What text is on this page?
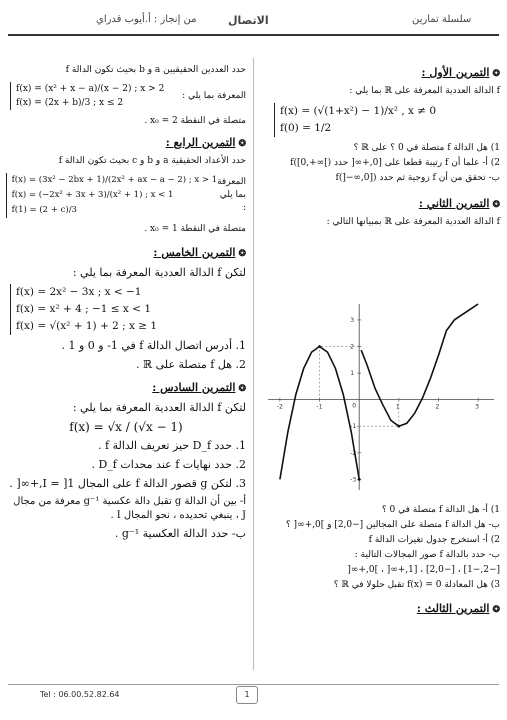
سلسلة تمارين
الاتصال
من إنجاز : أ.أيوب قدراي
❂التمرين الأول :
f الدالة العددية المعرفة على ℝ بما يلي :
f(x) = (√(1+x²) − 1)/x² , x ≠ 0
f(0) = 1/2
1) هل الدالة f متصلة في 0 ؟ على ℝ ؟
2) أ- علما أن f رتيبة قطعا على [0,+∞[ حدد f([0,+∞[)
ب- تحقق من أن f زوجية ثم حدد f(]−∞,0])
❂التمرين الثاني :
f الدالة العددية المعرفة على ℝ بمبيانها التالي :
-2	-1	1	2	3
3
2
1
-1
-2
-3
0
1) أ- هل الدالة f متصلة في 0 ؟
ب- هل الدالة f متصلة على المجالين [−2,0] و ]0,+∞[ ؟
2) أ- استخرج جدول تغيرات الدالة f
ب- حدد بالدالة f صور المجالات التالية :
[−2,−1] ، [−2,0] ، [1,+∞[ ، ]0,+∞[
3) هل المعادلة f(x) = 0 تقبل حلولا في ℝ ؟
❂التمرين الثالث :
حدد العددين الحقيقيين a و b بحيث تكون الدالة f
المعرفة بما يلي :
f(x) = (x² + x − a)/(x − 2) ; x > 2
f(x) = (2x + b)/3 ; x ≤ 2
متصلة في النقطة x₀ = 2 .
❂التمرين الرابع :
حدد الأعداد الحقيقية a و b و c بحيث تكون الدالة f
المعرفة بما يلي :
f(x) = (3x² − 2bx + 1)/(2x² + ax − a − 2) ; x > 1
f(x) = (−2x² + 3x + 3)/(x² + 1) ; x < 1
f(1) = (2 + c)/3
متصلة في النقطة x₀ = 1 .
❂التمرين الخامس :
لتكن f الدالة العددية المعرفة بما يلي :
f(x) = 2x² − 3x ; x < −1
f(x) = x² + 4 ; −1 ≤ x < 1
f(x) = √(x² + 1) + 2 ; x ≥ 1
1. أدرس اتصال الدالة f في 1- و 0 و 1 .
2. هل f متصلة على ℝ .
❂التمرين السادس :
لتكن f الدالة العددية المعرفة بما يلي :
f(x) = √x / (√x − 1)
1. حدد D_f حيز تعريف الدالة f .
2. حدد نهايات f عند محدات D_f .
3. لتكن g قصور الدالة f على المجال I = ]1,+∞[ .
أ- بين أن الدالة g تقبل دالة عكسية g⁻¹ معرفة من مجال J ، ينبغي تحديده ، نحو المجال I .
ب- حدد الدالة العكسية g⁻¹ .
Tel : 06.00.52.82.64	1
